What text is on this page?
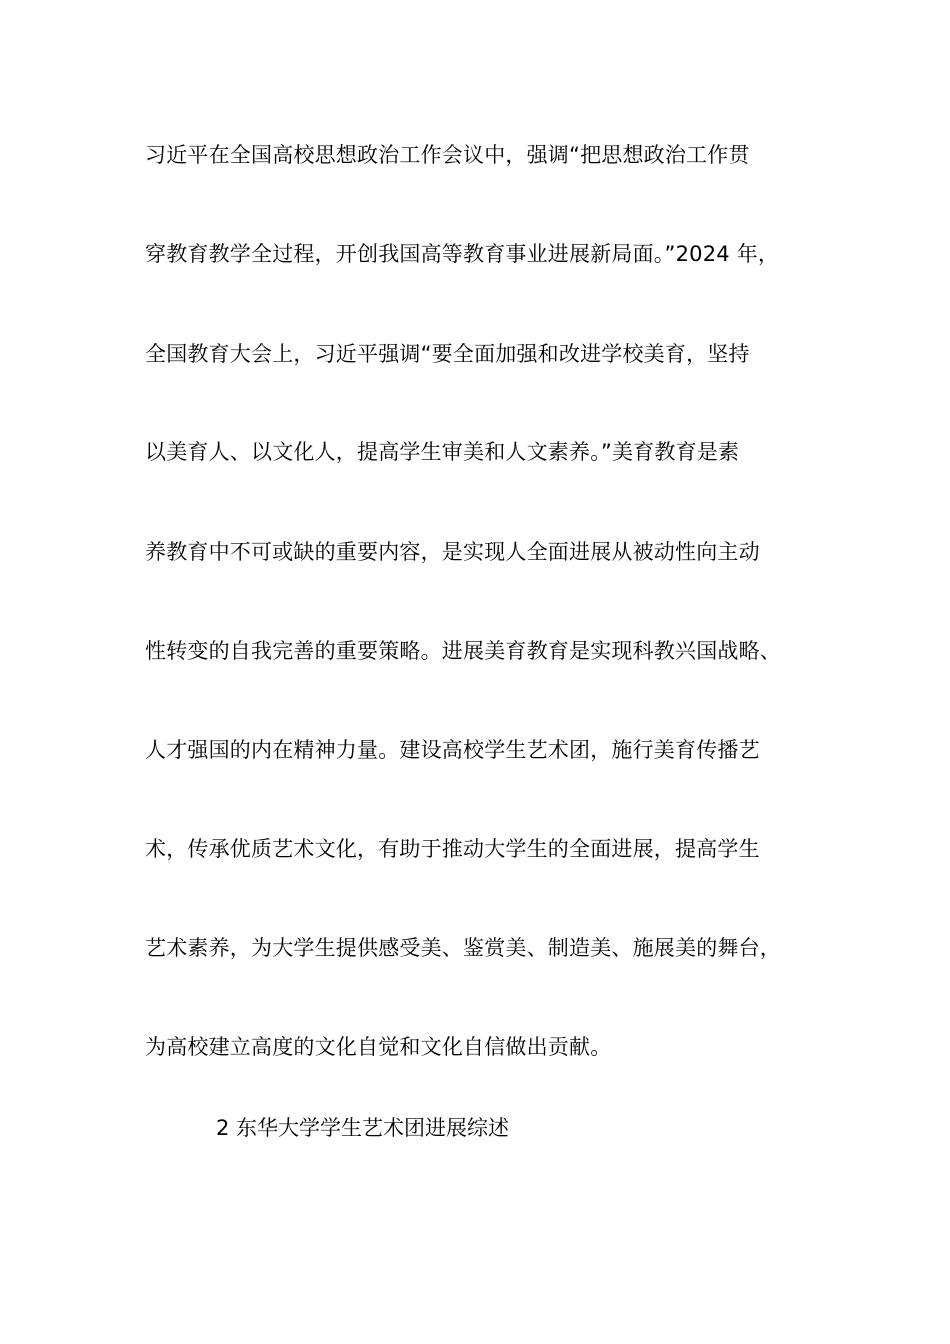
习近平在全国高校思想政治工作会议中，强调“把思想政治工作贯
穿教育教学全过程，开创我国高等教育事业进展新局面。”2024 年，
全国教育大会上，习近平强调“要全面加强和改进学校美育，坚持
以美育人、以文化人，提高学生审美和人文素养。”美育教育是素
养教育中不可或缺的重要内容，是实现人全面进展从被动性向主动
性转变的自我完善的重要策略。进展美育教育是实现科教兴国战略、
人才强国的内在精神力量。建设高校学生艺术团，施行美育传播艺
术，传承优质艺术文化，有助于推动大学生的全面进展，提高学生
艺术素养，为大学生提供感受美、鉴赏美、制造美、施展美的舞台，
为高校建立高度的文化自觉和文化自信做出贡献。
2 东华大学学生艺术团进展综述
